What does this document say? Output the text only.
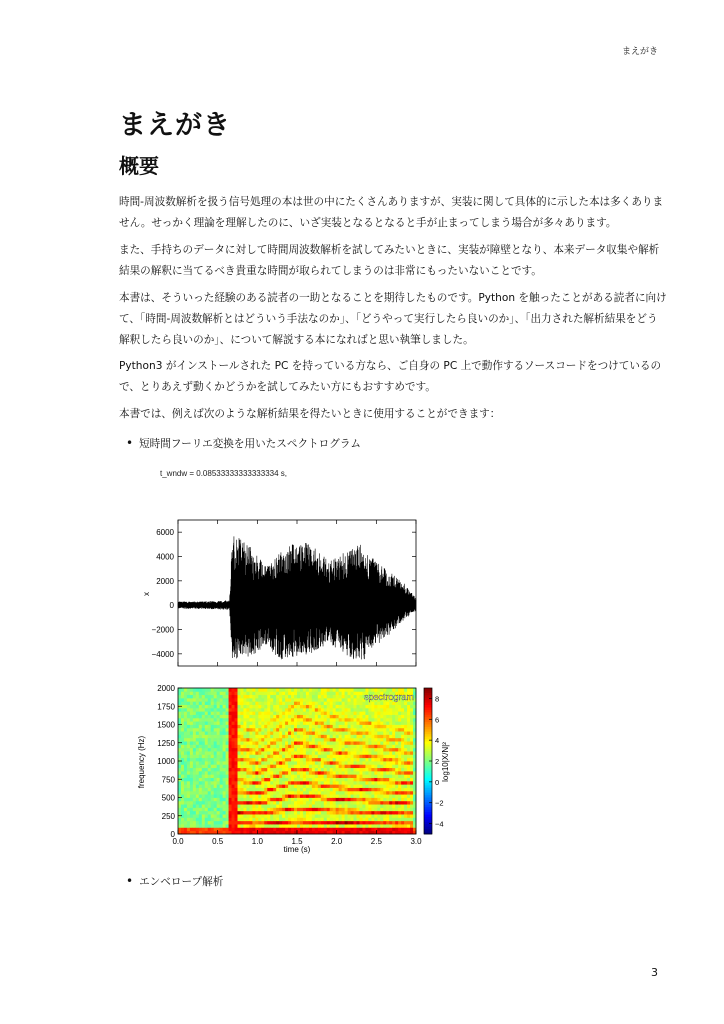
まえがき
まえがき
概要

時間-周波数解析を扱う信号処理の本は世の中にたくさんありますが、実装に関して具体的に示した本は多くありません。せっかく理論を理解したのに、いざ実装となるとなると手が止まってしまう場合が多々あります。

また、手持ちのデータに対して時間周波数解析を試してみたいときに、実装が障壁となり、本来データ収集や解析結果の解釈に当てるべき貴重な時間が取られてしまうのは非常にもったいないことです。

本書は、そういった経験のある読者の一助となることを期待したものです。Python を触ったことがある読者に向けて、「時間-周波数解析とはどういう手法なのか」、「どうやって実行したら良いのか」、「出力された解析結果をどう解釈したら良いのか」、について解説する本になればと思い執筆しました。

Python3 がインストールされた PC を持っている方なら、ご自身の PC 上で動作するソースコードをつけているので、とりあえず動くかどうかを試してみたい方にもおすすめです。

本書では、例えば次のような解析結果を得たいときに使用することができます：

• 短時間フーリエ変換を用いたスペクトログラム
t_wndw = 0.08533333333333334 s,
6000
4000
2000
0
−2000
−4000
x
0.0	0.5	1.0	1.5	2.0	2.5	3.0
0
250
500
750
1000
1250
1500
1750
2000
spectrogram
time (s)
frequency (Hz)
8
6
4
2
0
−2
−4
log10|X/N|²
• エンベロープ解析
3
